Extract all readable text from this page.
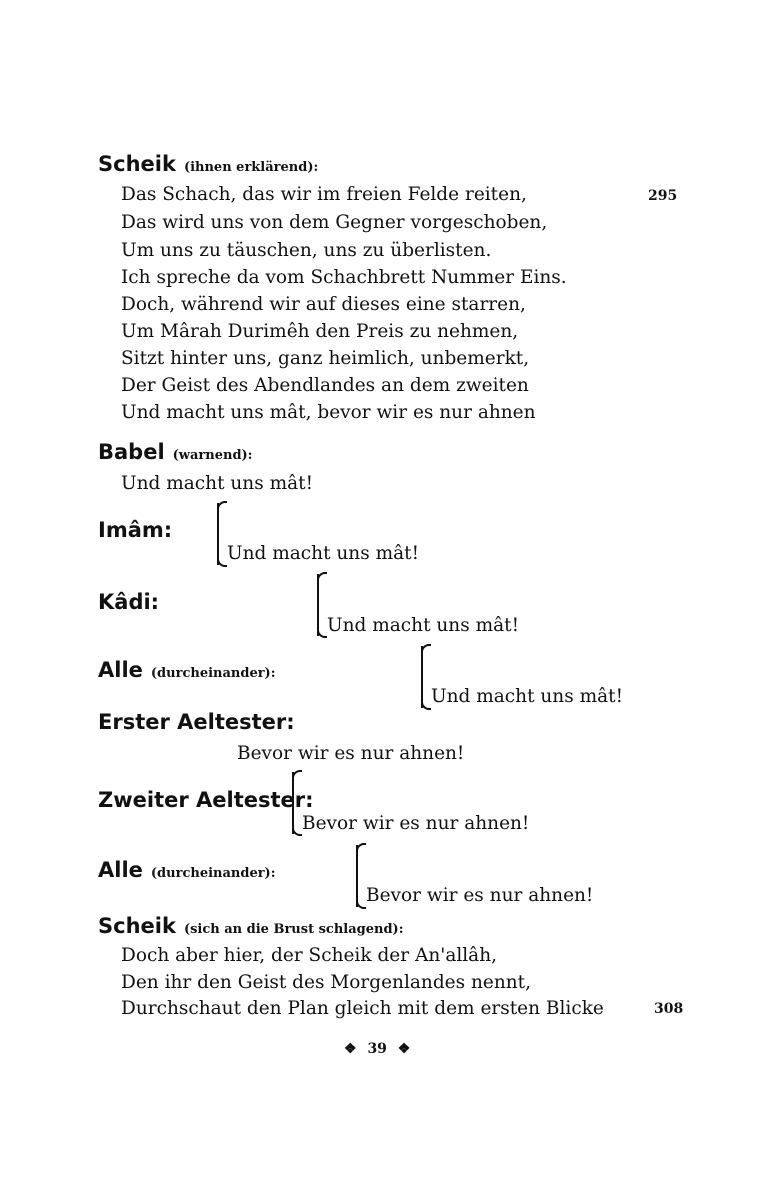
Scheik (ihnen erklärend):
Das Schach, das wir im freien Felde reiten,
Das wird uns von dem Gegner vorgeschoben,
Um uns zu täuschen, uns zu überlisten.
Ich spreche da vom Schachbrett Nummer Eins.
Doch, während wir auf dieses eine starren,
Um Mârah Durimêh den Preis zu nehmen,
Sitzt hinter uns, ganz heimlich, unbemerkt,
Der Geist des Abendlandes an dem zweiten
Und macht uns mât, bevor wir es nur ahnen
295
Babel (warnend):
Und macht uns mât!
Imâm:
Und macht uns mât!
Kâdi:
Und macht uns mât!
Alle (durcheinander):
Und macht uns mât!
Erster Aeltester:
Bevor wir es nur ahnen!
Zweiter Aeltester:
Bevor wir es nur ahnen!
Alle (durcheinander):
Bevor wir es nur ahnen!
Scheik (sich an die Brust schlagend):
Doch aber hier, der Scheik der An'allâh,
Den ihr den Geist des Morgenlandes nennt,
Durchschaut den Plan gleich mit dem ersten Blicke	308
❖ 39 ❖
